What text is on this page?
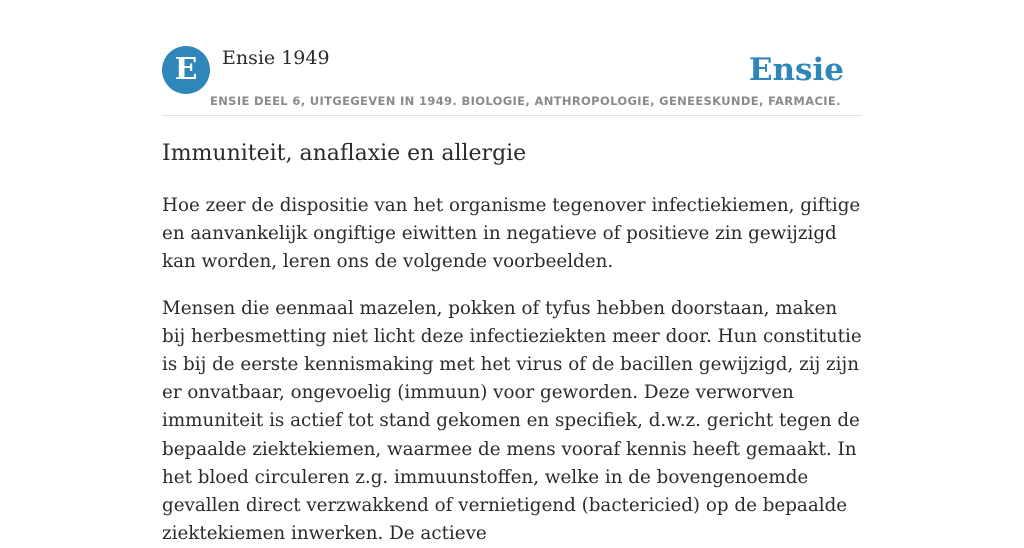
E	Ensie 1949	Ensie
ENSIE DEEL 6, UITGEGEVEN IN 1949. BIOLOGIE, ANTHROPOLOGIE, GENEESKUNDE, FARMACIE.
Immuniteit, anaflaxie en allergie

Hoe zeer de dispositie van het organisme tegenover infectiekiemen, giftige en aanvankelijk ongiftige eiwitten in negatieve of positieve zin gewijzigd kan worden, leren ons de volgende voorbeelden.

Mensen die eenmaal mazelen, pokken of tyfus hebben doorstaan, maken bij herbesmetting niet licht deze infectieziekten meer door. Hun constitutie is bij de eerste kennismaking met het virus of de bacillen gewijzigd, zij zijn er onvatbaar, ongevoelig (immuun) voor geworden. Deze verworven immuniteit is actief tot stand gekomen en specifiek, d.w.z. gericht tegen de bepaalde ziektekiemen, waarmee de mens vooraf kennis heeft gemaakt. In het bloed circuleren z.g. immuunstoffen, welke in de bovengenoemde gevallen direct verzwakkend of vernietigend (bactericied) op de bepaalde ziektekiemen inwerken. De actieve
